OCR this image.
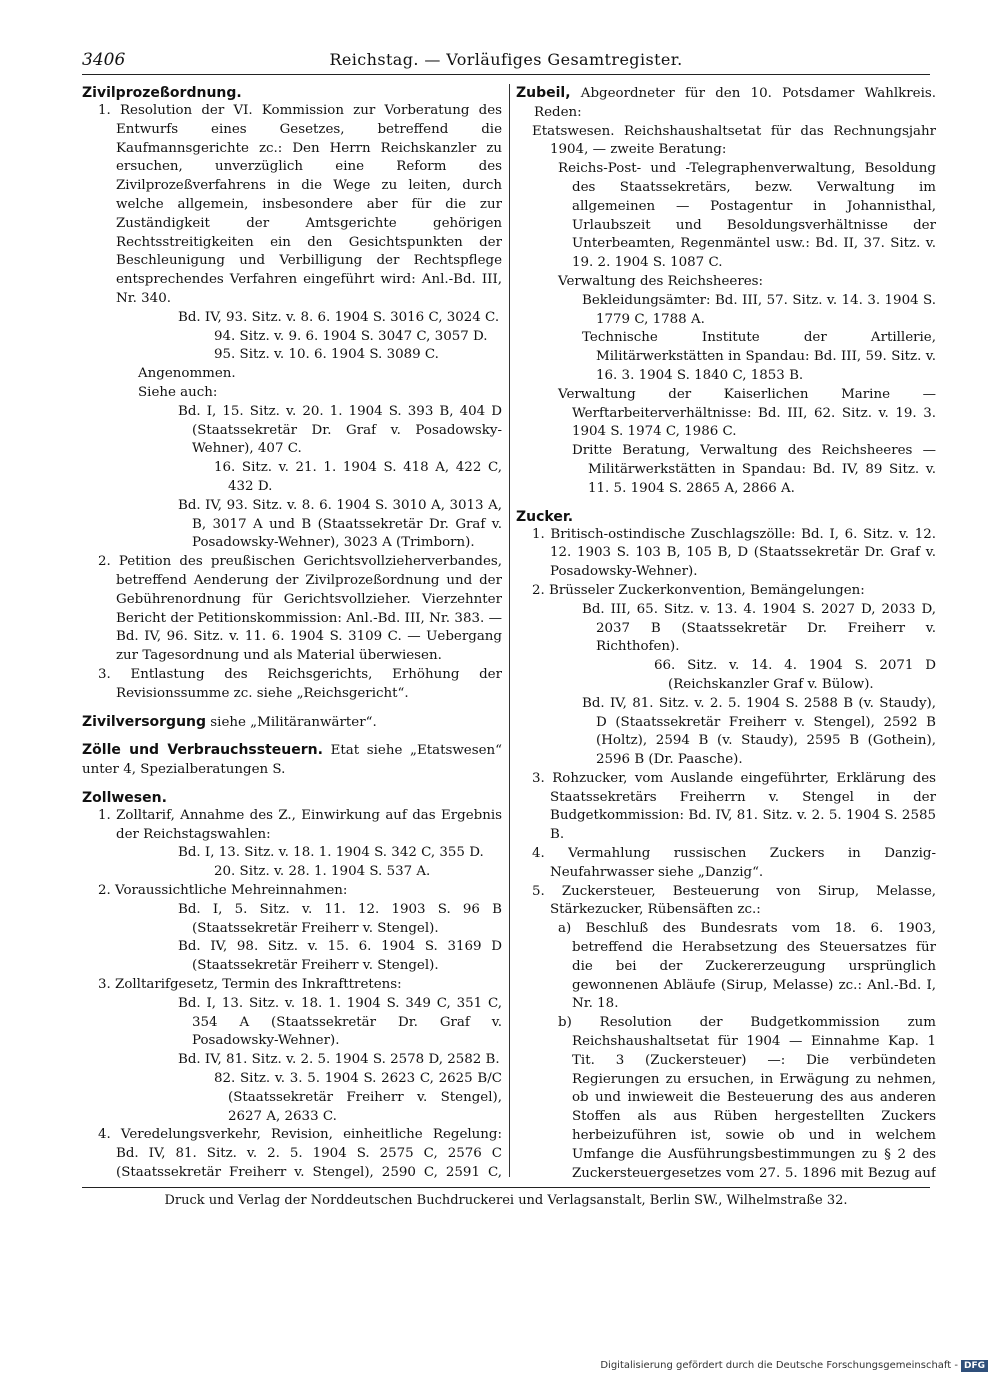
3406	Reichstag. — Vorläufiges Gesamtregister.

Zivilprozeßordnung.

1. Resolution der VI. Kommission zur Vorberatung des Entwurfs eines Gesetzes, betreffend die Kaufmannsgerichte zc.: Den Herrn Reichskanzler zu ersuchen, unverzüglich eine Reform des Zivilprozeßverfahrens in die Wege zu leiten, durch welche allgemein, insbesondere aber für die zur Zuständigkeit der Amtsgerichte gehörigen Rechtsstreitigkeiten ein den Gesichtspunkten der Beschleunigung und Verbilligung der Rechtspflege entsprechendes Verfahren eingeführt wird: Anl.-Bd. III, Nr. 340.

Bd. IV, 93. Sitz. v. 8. 6. 1904 S. 3016 C, 3024 C.

94. Sitz. v. 9. 6. 1904 S. 3047 C, 3057 D.

95. Sitz. v. 10. 6. 1904 S. 3089 C.

Angenommen.

Siehe auch:

Bd. I, 15. Sitz. v. 20. 1. 1904 S. 393 B, 404 D (Staatssekretär Dr. Graf v. Posadowsky-Wehner), 407 C.

16. Sitz. v. 21. 1. 1904 S. 418 A, 422 C, 432 D.

Bd. IV, 93. Sitz. v. 8. 6. 1904 S. 3010 A, 3013 A, B, 3017 A und B (Staatssekretär Dr. Graf v. Posadowsky-Wehner), 3023 A (Trimborn).

2. Petition des preußischen Gerichtsvollzieherverbandes, betreffend Aenderung der Zivilprozeßordnung und der Gebührenordnung für Gerichtsvollzieher. Vierzehnter Bericht der Petitionskommission: Anl.-Bd. III, Nr. 383. — Bd. IV, 96. Sitz. v. 11. 6. 1904 S. 3109 C. — Uebergang zur Tagesordnung und als Material überwiesen.

3. Entlastung des Reichsgerichts, Erhöhung der Revisionssumme zc. siehe „Reichsgericht“.

Zivilversorgung siehe „Militäranwärter“.

Zölle und Verbrauchssteuern. Etat siehe „Etatswesen“ unter 4, Spezialberatungen S.

Zollwesen.

1. Zolltarif, Annahme des Z., Einwirkung auf das Ergebnis der Reichstagswahlen:

Bd. I, 13. Sitz. v. 18. 1. 1904 S. 342 C, 355 D.

20. Sitz. v. 28. 1. 1904 S. 537 A.

2. Voraussichtliche Mehreinnahmen:

Bd. I, 5. Sitz. v. 11. 12. 1903 S. 96 B (Staatssekretär Freiherr v. Stengel).

Bd. IV, 98. Sitz. v. 15. 6. 1904 S. 3169 D (Staatssekretär Freiherr v. Stengel).

3. Zolltarifgesetz, Termin des Inkrafttretens:

Bd. I, 13. Sitz. v. 18. 1. 1904 S. 349 C, 351 C, 354 A (Staatssekretär Dr. Graf v. Posadowsky-Wehner).

Bd. IV, 81. Sitz. v. 2. 5. 1904 S. 2578 D, 2582 B.

82. Sitz. v. 3. 5. 1904 S. 2623 C, 2625 B/C (Staatssekretär Freiherr v. Stengel), 2627 A, 2633 C.

4. Veredelungsverkehr, Revision, einheitliche Regelung: Bd. IV, 81. Sitz. v. 2. 5. 1904 S. 2575 C, 2576 C (Staatssekretär Freiherr v. Stengel), 2590 C, 2591 C,

Zubeil, Abgeordneter für den 10. Potsdamer Wahlkreis. Reden:

Etatswesen. Reichshaushaltsetat für das Rechnungsjahr 1904, — zweite Beratung:

Reichs-Post- und -Telegraphenverwaltung, Besoldung des Staatssekretärs, bezw. Verwaltung im allgemeinen — Postagentur in Johannisthal, Urlaubszeit und Besoldungsverhältnisse der Unterbeamten, Regenmäntel usw.: Bd. II, 37. Sitz. v. 19. 2. 1904 S. 1087 C.

Verwaltung des Reichsheeres:

Bekleidungsämter: Bd. III, 57. Sitz. v. 14. 3. 1904 S. 1779 C, 1788 A.

Technische Institute der Artillerie, Militärwerkstätten in Spandau: Bd. III, 59. Sitz. v. 16. 3. 1904 S. 1840 C, 1853 B.

Verwaltung der Kaiserlichen Marine — Werftarbeiterverhältnisse: Bd. III, 62. Sitz. v. 19. 3. 1904 S. 1974 C, 1986 C.

Dritte Beratung, Verwaltung des Reichsheeres — Militärwerkstätten in Spandau: Bd. IV, 89 Sitz. v. 11. 5. 1904 S. 2865 A, 2866 A.

Zucker.

1. Britisch-ostindische Zuschlagszölle: Bd. I, 6. Sitz. v. 12. 12. 1903 S. 103 B, 105 B, D (Staatssekretär Dr. Graf v. Posadowsky-Wehner).

2. Brüsseler Zuckerkonvention, Bemängelungen:

Bd. III, 65. Sitz. v. 13. 4. 1904 S. 2027 D, 2033 D, 2037 B (Staatssekretär Dr. Freiherr v. Richthofen).

66. Sitz. v. 14. 4. 1904 S. 2071 D (Reichskanzler Graf v. Bülow).

Bd. IV, 81. Sitz. v. 2. 5. 1904 S. 2588 B (v. Staudy), D (Staatssekretär Freiherr v. Stengel), 2592 B (Holtz), 2594 B (v. Staudy), 2595 B (Gothein), 2596 B (Dr. Paasche).

3. Rohzucker, vom Auslande eingeführter, Erklärung des Staatssekretärs Freiherrn v. Stengel in der Budgetkommission: Bd. IV, 81. Sitz. v. 2. 5. 1904 S. 2585 B.

4. Vermahlung russischen Zuckers in Danzig-Neufahrwasser siehe „Danzig“.

5. Zuckersteuer, Besteuerung von Sirup, Melasse, Stärkezucker, Rübensäften zc.:

a) Beschluß des Bundesrats vom 18. 6. 1903, betreffend die Herabsetzung des Steuersatzes für die bei der Zuckererzeugung ursprünglich gewonnenen Abläufe (Sirup, Melasse) zc.: Anl.-Bd. I, Nr. 18.

b) Resolution der Budgetkommission zum Reichshaushaltsetat für 1904 — Einnahme Kap. 1 Tit. 3 (Zuckersteuer) —: Die verbündeten Regierungen zu ersuchen, in Erwägung zu nehmen, ob und inwieweit die Besteuerung des aus anderen Stoffen als aus Rüben hergestellten Zuckers herbeizuführen ist, sowie ob und in welchem Umfange die Ausführungsbestimmungen zu § 2 des Zuckersteuergesetzes vom 27. 5. 1896 mit Bezug auf

Druck und Verlag der Norddeutschen Buchdruckerei und Verlagsanstalt, Berlin SW., Wilhelmstraße 32.
Digitalisierung gefördert durch die Deutsche Forschungsgemeinschaft - DFG
